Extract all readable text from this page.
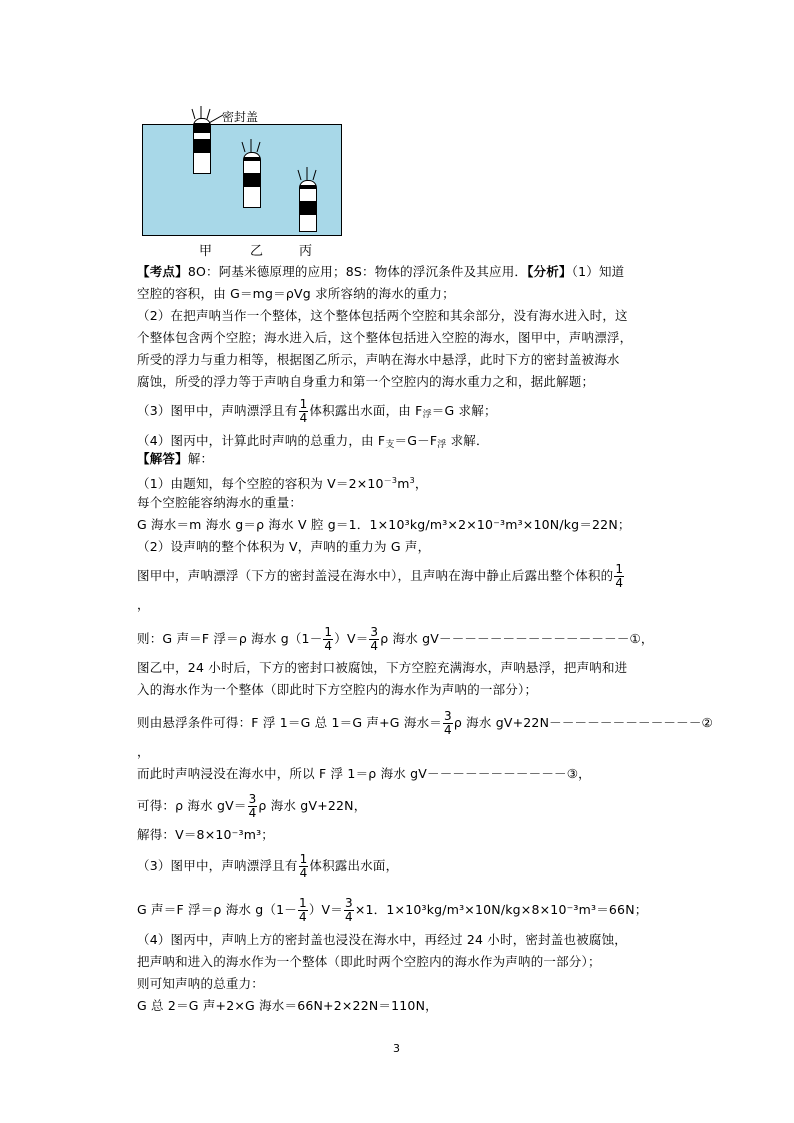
密封盖
甲	乙	丙
【考点】8O：阿基米德原理的应用；8S：物体的浮沉条件及其应用．【分析】（1）知道
空腔的容积，由 G＝mg＝ρVg 求所容纳的海水的重力；
（2）在把声呐当作一个整体，这个整体包括两个空腔和其余部分，没有海水进入时，这
个整体包含两个空腔；海水进入后，这个整体包括进入空腔的海水，图甲中，声呐漂浮，
所受的浮力与重力相等，根据图乙所示，声呐在海水中悬浮，此时下方的密封盖被海水
腐蚀，所受的浮力等于声呐自身重力和第一个空腔内的海水重力之和，据此解题；
（3）图甲中，声呐漂浮且有 $\frac{1}{4}$ 体积露出水面，由 $F_浮=G$ 求解；
（4）图丙中，计算此时声呐的总重力，由 $F_支=G-F_浮$ 求解．
【解答】解：
（1）由题知，每个空腔的容积为 $V=2\times 10^{-3}m^3$，
每个空腔能容纳海水的重量：
G 海水＝m 海水 g＝ρ 海水 V 腔 g＝1．1×10³kg/m³×2×10⁻³m³×10N/kg＝22N；
（2）设声呐的整个体积为 V，声呐的重力为 G 声，
图甲中，声呐漂浮（下方的密封盖浸在海水中），且声呐在海中静止后露出整个体积的 $\frac{1}{4}$
，
则：G 声＝F 浮＝ρ 海水 $g(1- \frac{1}{4} )V= \frac{3}{4}$ ρ 海水 gV－－－－－－－－－－－－－－－①，
图乙中，24 小时后，下方的密封口被腐蚀，下方空腔充满海水，声呐悬浮，把声呐和进
入的海水作为一个整体（即此时下方空腔内的海水作为声呐的一部分）；
则由悬浮条件可得：F 浮 1＝G 总 1＝G 声+G 海水＝ $\frac{3}{4}$ ρ 海水 gV+22N－－－－－－－－－－－－②
，
而此时声呐浸没在海水中，所以 F 浮 1＝ρ 海水 gV－－－－－－－－－－－③，
可得：ρ 海水 $gV= \frac{3}{4}$ ρ 海水 gV+22N，
解得：V＝8×10⁻³m³；
（3）图甲中，声呐漂浮且有 $\frac{1}{4}$ 体积露出水面，
G 声＝F 浮＝ρ 海水 $g(1- \frac{1}{4} )V= \frac{3}{4} \times 1$．1×10³kg/m³×10N/kg×8×10⁻³m³＝66N；
（4）图丙中，声呐上方的密封盖也浸没在海水中，再经过 24 小时，密封盖也被腐蚀，
把声呐和进入的海水作为一个整体（即此时两个空腔内的海水作为声呐的一部分）；
则可知声呐的总重力：
G 总 2＝G 声+2×G 海水＝66N+2×22N＝110N，
3
